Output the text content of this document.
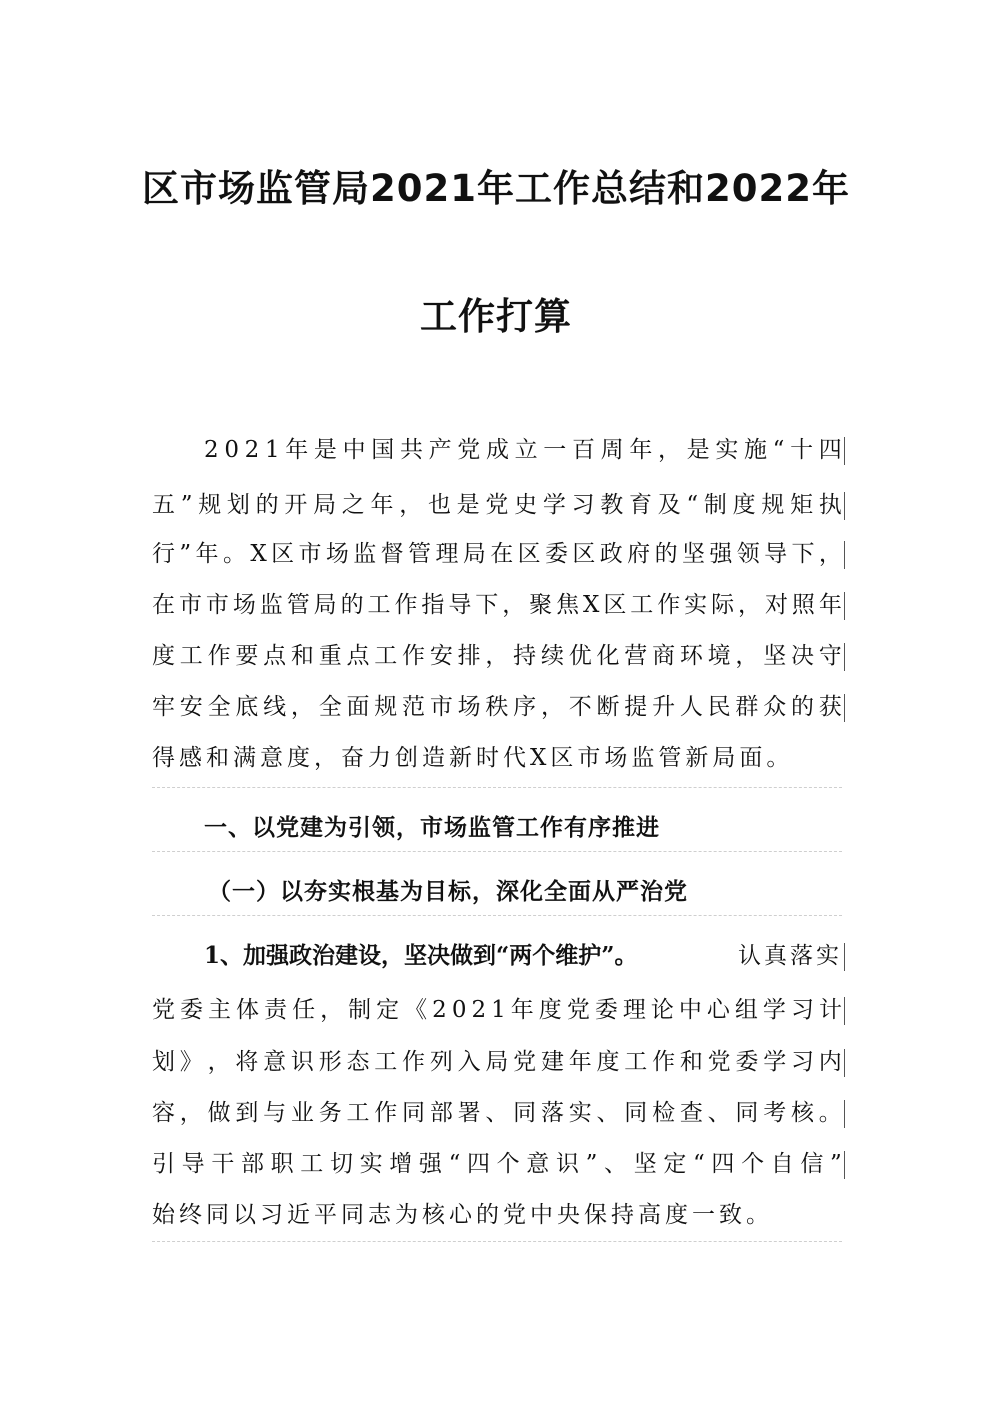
区市场监管局2021年工作总结和2022年
工作打算
2 0 2 1 年 是 中 国 共 产 党 成 立 一 百 周 年 ， 是 实 施 “ 十 四
五 ” 规 划 的 开 局 之 年 ， 也 是 党 史 学 习 教 育 及 “ 制 度 规 矩 执
行 ” 年 。 X 区 市 场 监 督 管 理 局 在 区 委 区 政 府 的 坚 强 领 导 下 ，
在 市 市 场 监 管 局 的 工 作 指 导 下 ， 聚 焦 X 区 工 作 实 际 ， 对 照 年
度 工 作 要 点 和 重 点 工 作 安 排 ， 持 续 优 化 营 商 环 境 ， 坚 决 守
牢 安 全 底 线 ， 全 面 规 范 市 场 秩 序 ， 不 断 提 升 人 民 群 众 的 获
得感和满意度，奋力创造新时代X区市场监管新局面。
一、以党建为引领，市场监管工作有序推进
（一）以夯实根基为目标，深化全面从严治党
1、加强政治建设，坚决做到“两个维护”。	认真落实
党 委 主 体 责 任 ， 制 定 《 2 0 2 1 年 度 党 委 理 论 中 心 组 学 习 计
划 》 ， 将 意 识 形 态 工 作 列 入 局 党 建 年 度 工 作 和 党 委 学 习 内
容 ， 做 到 与 业 务 工 作 同 部 署 、 同 落 实 、 同 检 查 、 同 考 核 。
引 导 干 部 职 工 切 实 增 强 “ 四 个 意 识 ” 、 坚 定 “ 四 个 自 信 ”
始终同以习近平同志为核心的党中央保持高度一致。
